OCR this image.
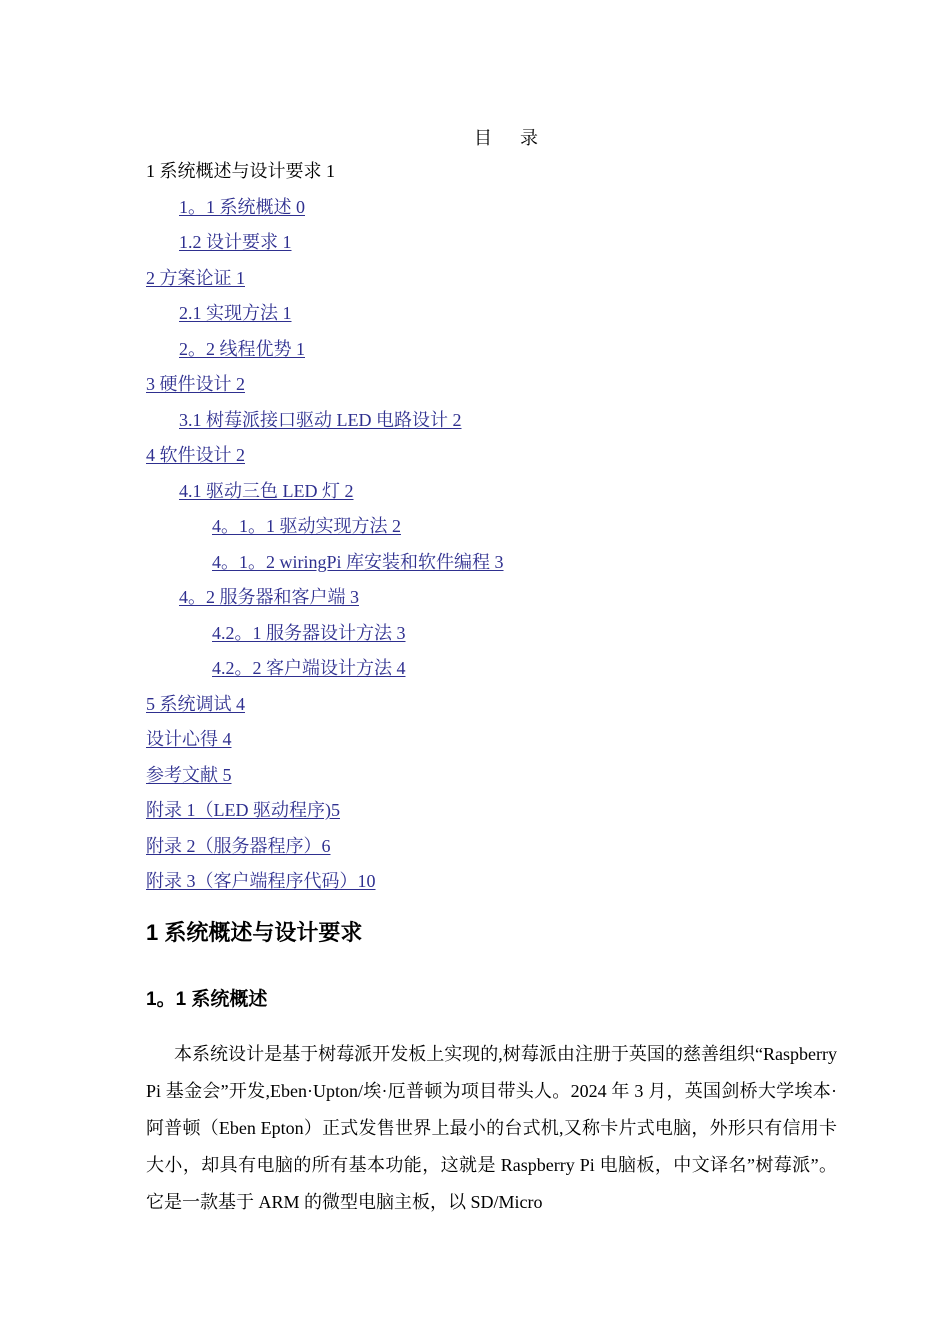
目 录
1 系统概述与设计要求 1
1。1 系统概述 0
1.2 设计要求 1
2 方案论证 1
2.1 实现方法 1
2。2 线程优势 1
3 硬件设计 2
3.1 树莓派接口驱动 LED 电路设计 2
4 软件设计 2
4.1 驱动三色 LED 灯 2
4。1。1 驱动实现方法 2
4。1。2 wiringPi 库安装和软件编程 3
4。2 服务器和客户端 3
4.2。1 服务器设计方法 3
4.2。2 客户端设计方法 4
5 系统调试 4
设计心得 4
参考文献 5
附录 1（LED 驱动程序)5
附录 2（服务器程序）6
附录 3（客户端程序代码）10
1 系统概述与设计要求
1。1 系统概述

本系统设计是基于树莓派开发板上实现的,树莓派由注册于英国的慈善组织“Raspberry Pi 基金会”开发,Eben·Upton/埃·厄普顿为项目带头人。2024 年 3 月，英国剑桥大学埃本·阿普顿（Eben Epton）正式发售世界上最小的台式机,又称卡片式电脑，外形只有信用卡大小，却具有电脑的所有基本功能，这就是 Raspberry Pi 电脑板，中文译名”树莓派”。它是一款基于 ARM 的微型电脑主板，以 SD/Micro
